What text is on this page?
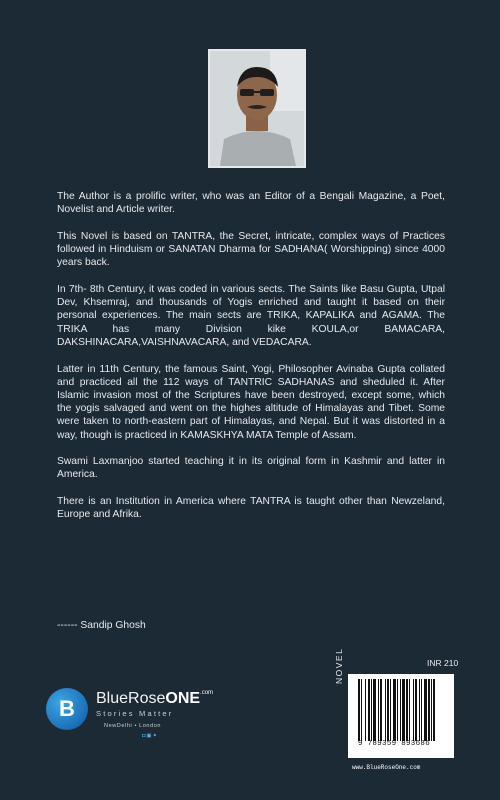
The Author is a prolific writer, who was an Editor of a Bengali Magazine, a Poet, Novelist and Article writer.

This Novel is based on TANTRA, the Secret, intricate, complex ways of Practices followed in Hinduism or SANATAN Dharma for SADHANA( Worshipping) since 4000 years back.

In 7th- 8th Century, it was coded in various sects. The Saints like Basu Gupta, Utpal Dev, Khsemraj, and thousands of Yogis enriched and taught it based on their personal experiences. The main sects are TRIKA, KAPALIKA and AGAMA. The TRIKA has many Division kike KOULA,or BAMACARA, DAKSHINACARA,VAISHNAVACARA, and VEDACARA.

Latter in 11th Century, the famous Saint, Yogi, Philosopher Avinaba Gupta collated and practiced all the 112 ways of TANTRIC SADHANAS and sheduled it. After Islamic invasion most of the Scriptures have been destroyed, except some, which the yogis salvaged and went on the highes altitude of Himalayas and Tibet. Some were taken to north-eastern part of Himalayas, and Nepal. But it was distorted in a way, though is practiced in KAMASKHYA MATA Temple of Assam.

Swami Laxmanjoo started teaching it in its original form in Kashmir and latter in America.

There is an Institution in America where TANTRA is taught other than Newzeland, Europe and Afrika.

------ Sandip Ghosh
B	BlueRoseONE$^{.com}$
Stories Matter
NewDelhi • London
◘▣✦
INR 210
NOVEL
9 789359 893686
www.BlueRoseOne.com
